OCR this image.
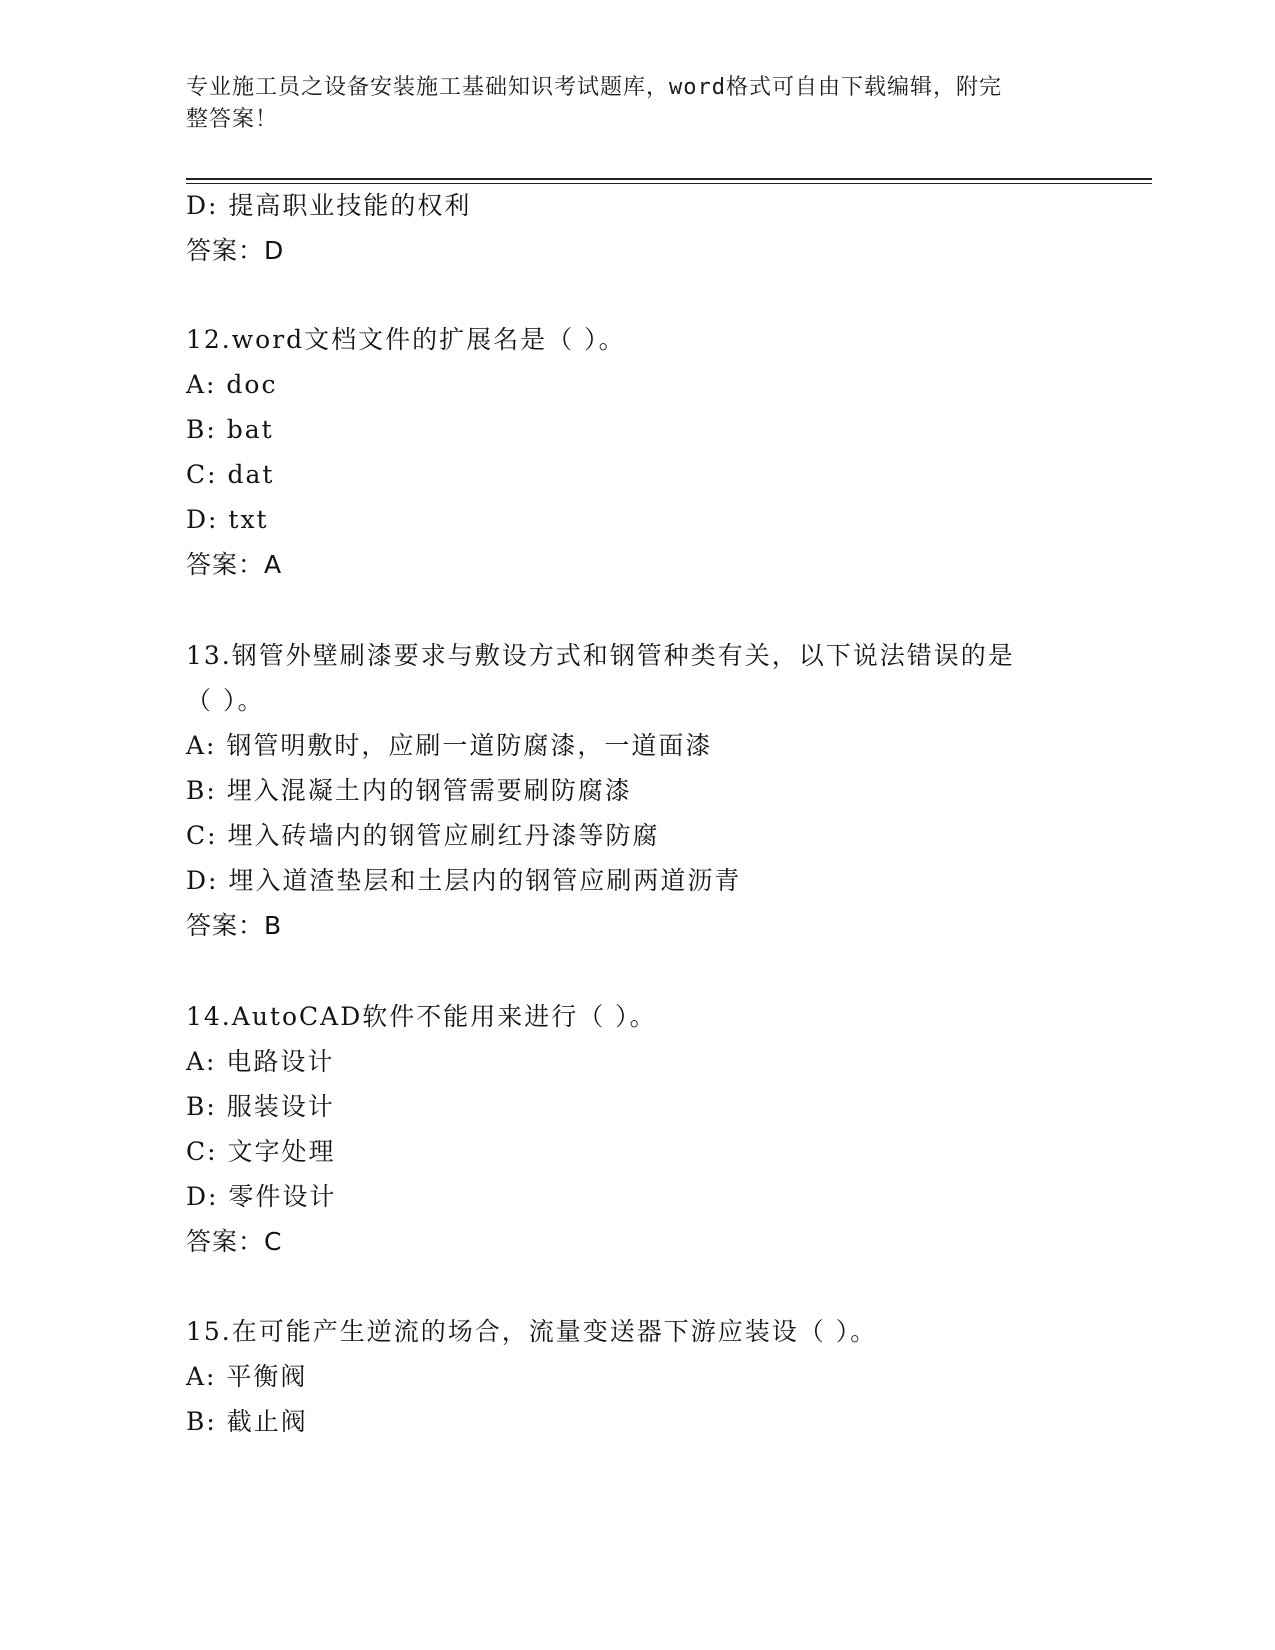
专业施工员之设备安装施工基础知识考试题库，word格式可自由下载编辑，附完
整答案！
D: 提高职业技能的权利
答案：D
12.word文档文件的扩展名是（ ）。
A: doc
B: bat
C: dat
D: txt
答案：A
13.钢管外壁刷漆要求与敷设方式和钢管种类有关，以下说法错误的是
（ ）。
A: 钢管明敷时，应刷一道防腐漆，一道面漆
B: 埋入混凝土内的钢管需要刷防腐漆
C: 埋入砖墙内的钢管应刷红丹漆等防腐
D: 埋入道渣垫层和土层内的钢管应刷两道沥青
答案：B
14.AutoCAD软件不能用来进行（ ）。
A: 电路设计
B: 服装设计
C: 文字处理
D: 零件设计
答案：C
15.在可能产生逆流的场合，流量变送器下游应装设（ ）。
A: 平衡阀
B: 截止阀
